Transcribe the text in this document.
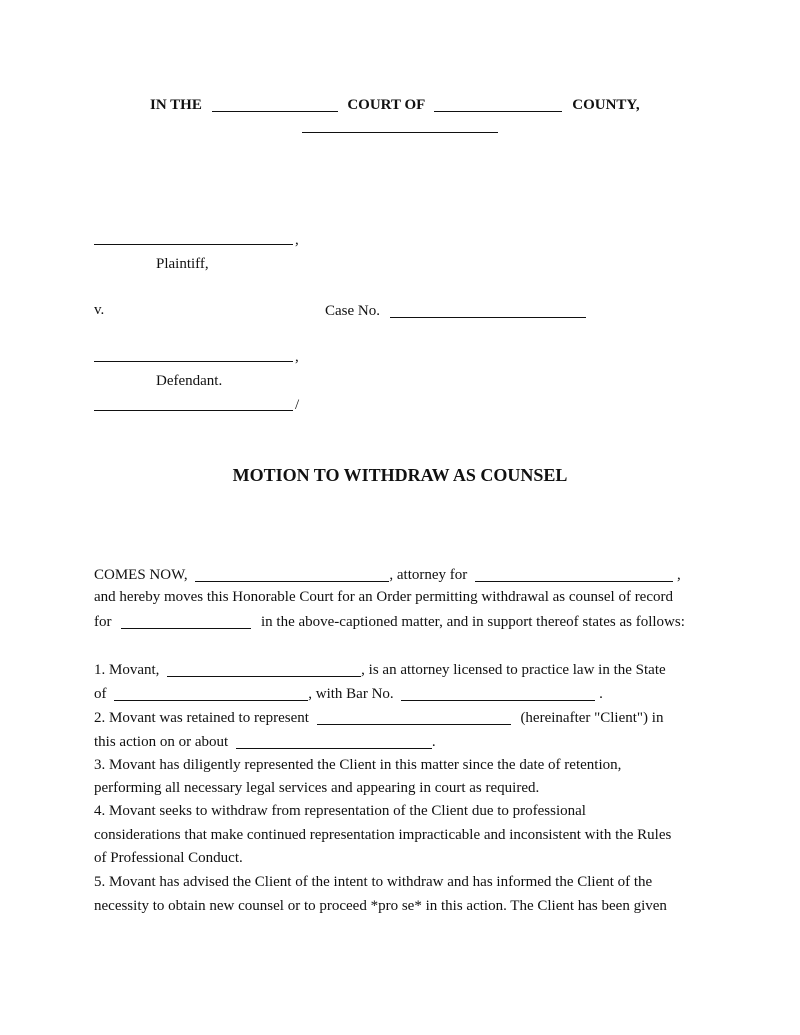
IN THE	COURT OF	COUNTY,
,
Plaintiff,
v.	Case No.
,
Defendant.
/
MOTION TO WITHDRAW AS COUNSEL
COMES NOW,	, attorney for	,
and hereby moves this Honorable Court for an Order permitting withdrawal as counsel of record
for	in the above-captioned matter, and in support thereof states as follows:
1. Movant,	, is an attorney licensed to practice law in the State
of	, with Bar No.	.
2. Movant was retained to represent	(hereinafter "Client") in
this action on or about	.
3. Movant has diligently represented the Client in this matter since the date of retention,
performing all necessary legal services and appearing in court as required.
4. Movant seeks to withdraw from representation of the Client due to professional
considerations that make continued representation impracticable and inconsistent with the Rules
of Professional Conduct.
5. Movant has advised the Client of the intent to withdraw and has informed the Client of the
necessity to obtain new counsel or to proceed *pro se* in this action. The Client has been given
